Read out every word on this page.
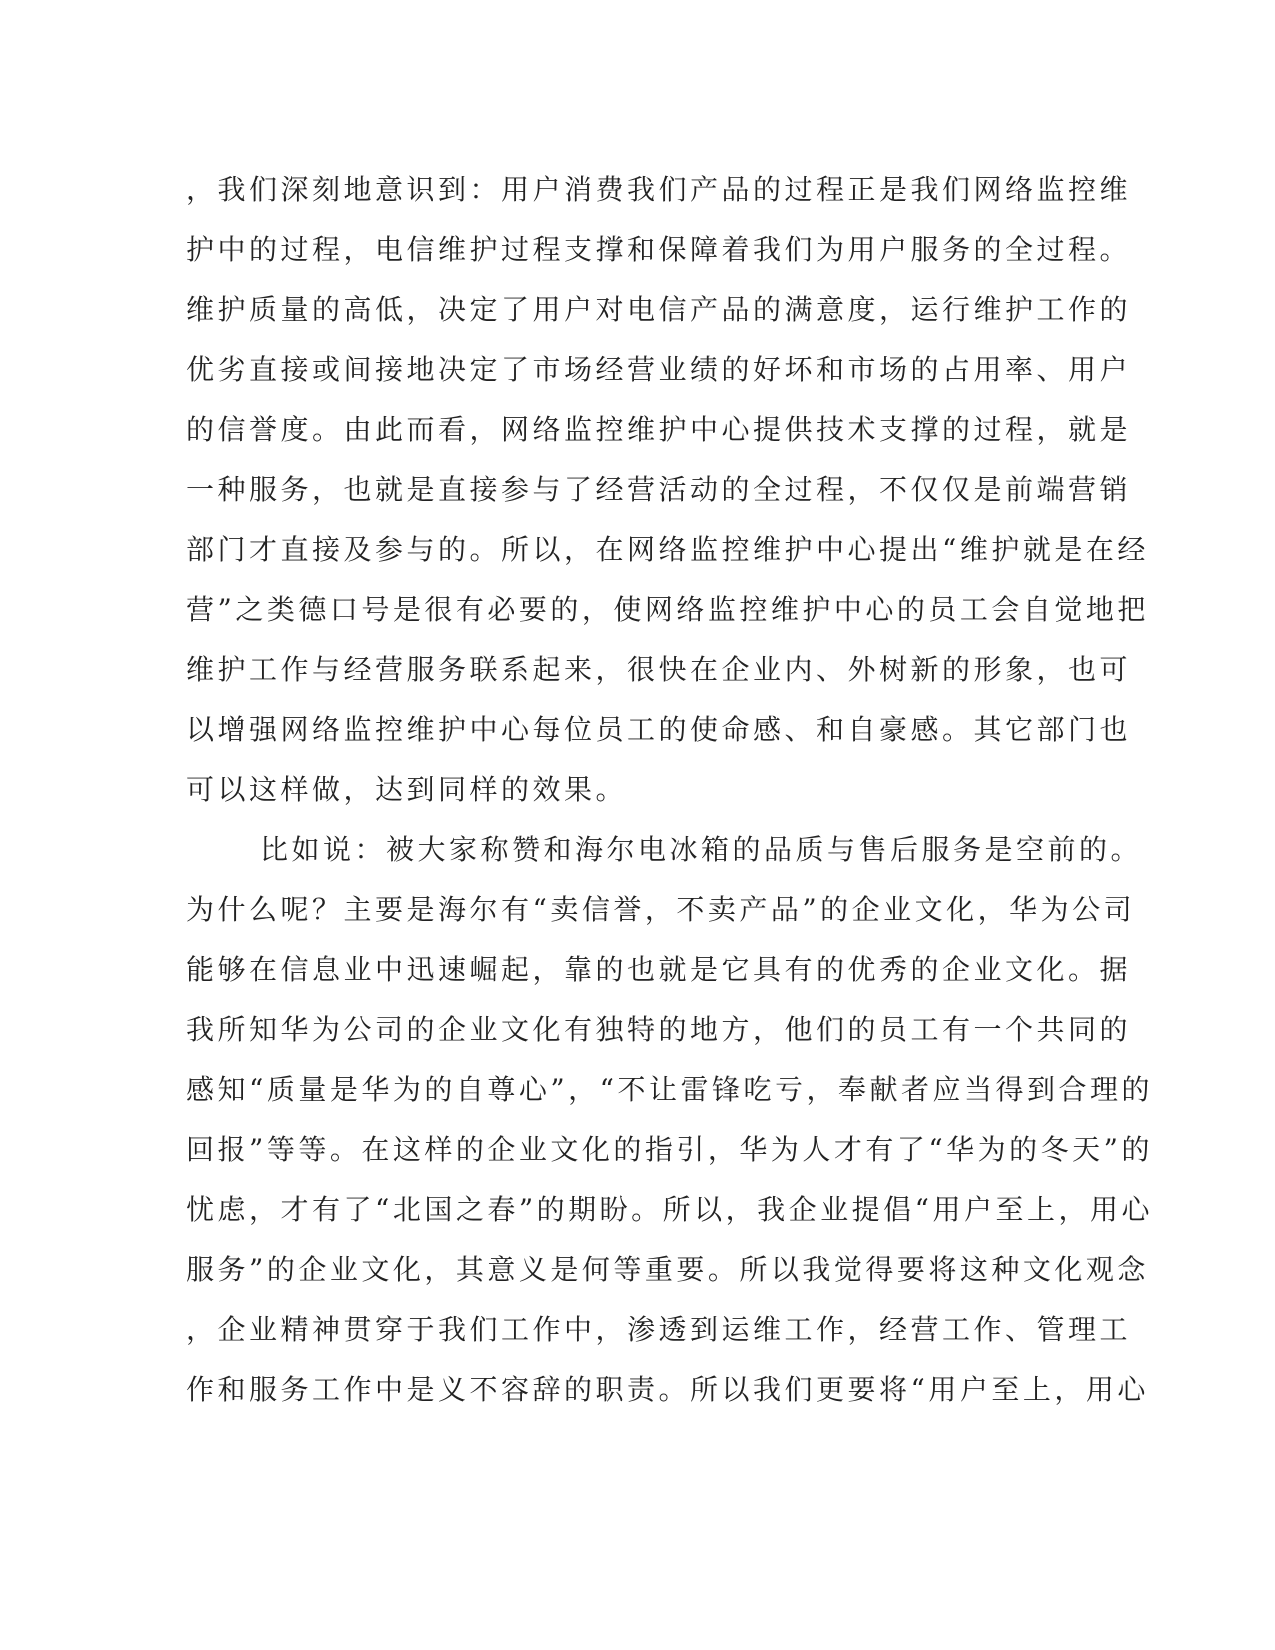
，我们深刻地意识到：用户消费我们产品的过程正是我们网络监控维
护中的过程，电信维护过程支撑和保障着我们为用户服务的全过程。
维护质量的高低，决定了用户对电信产品的满意度，运行维护工作的
优劣直接或间接地决定了市场经营业绩的好坏和市场的占用率、用户
的信誉度。由此而看，网络监控维护中心提供技术支撑的过程，就是
一种服务，也就是直接参与了经营活动的全过程，不仅仅是前端营销
部门才直接及参与的。所以，在网络监控维护中心提出“维护就是在经
营”之类德口号是很有必要的，使网络监控维护中心的员工会自觉地把
维护工作与经营服务联系起来，很快在企业内、外树新的形象，也可
以增强网络监控维护中心每位员工的使命感、和自豪感。其它部门也
可以这样做，达到同样的效果。
比如说：被大家称赞和海尔电冰箱的品质与售后服务是空前的。
为什么呢？主要是海尔有“卖信誉，不卖产品”的企业文化，华为公司
能够在信息业中迅速崛起，靠的也就是它具有的优秀的企业文化。据
我所知华为公司的企业文化有独特的地方，他们的员工有一个共同的
感知“质量是华为的自尊心”，“不让雷锋吃亏，奉献者应当得到合理的
回报”等等。在这样的企业文化的指引，华为人才有了“华为的冬天”的
忧虑，才有了“北国之春”的期盼。所以，我企业提倡“用户至上，用心
服务”的企业文化，其意义是何等重要。所以我觉得要将这种文化观念
，企业精神贯穿于我们工作中，渗透到运维工作，经营工作、管理工
作和服务工作中是义不容辞的职责。所以我们更要将“用户至上，用心
